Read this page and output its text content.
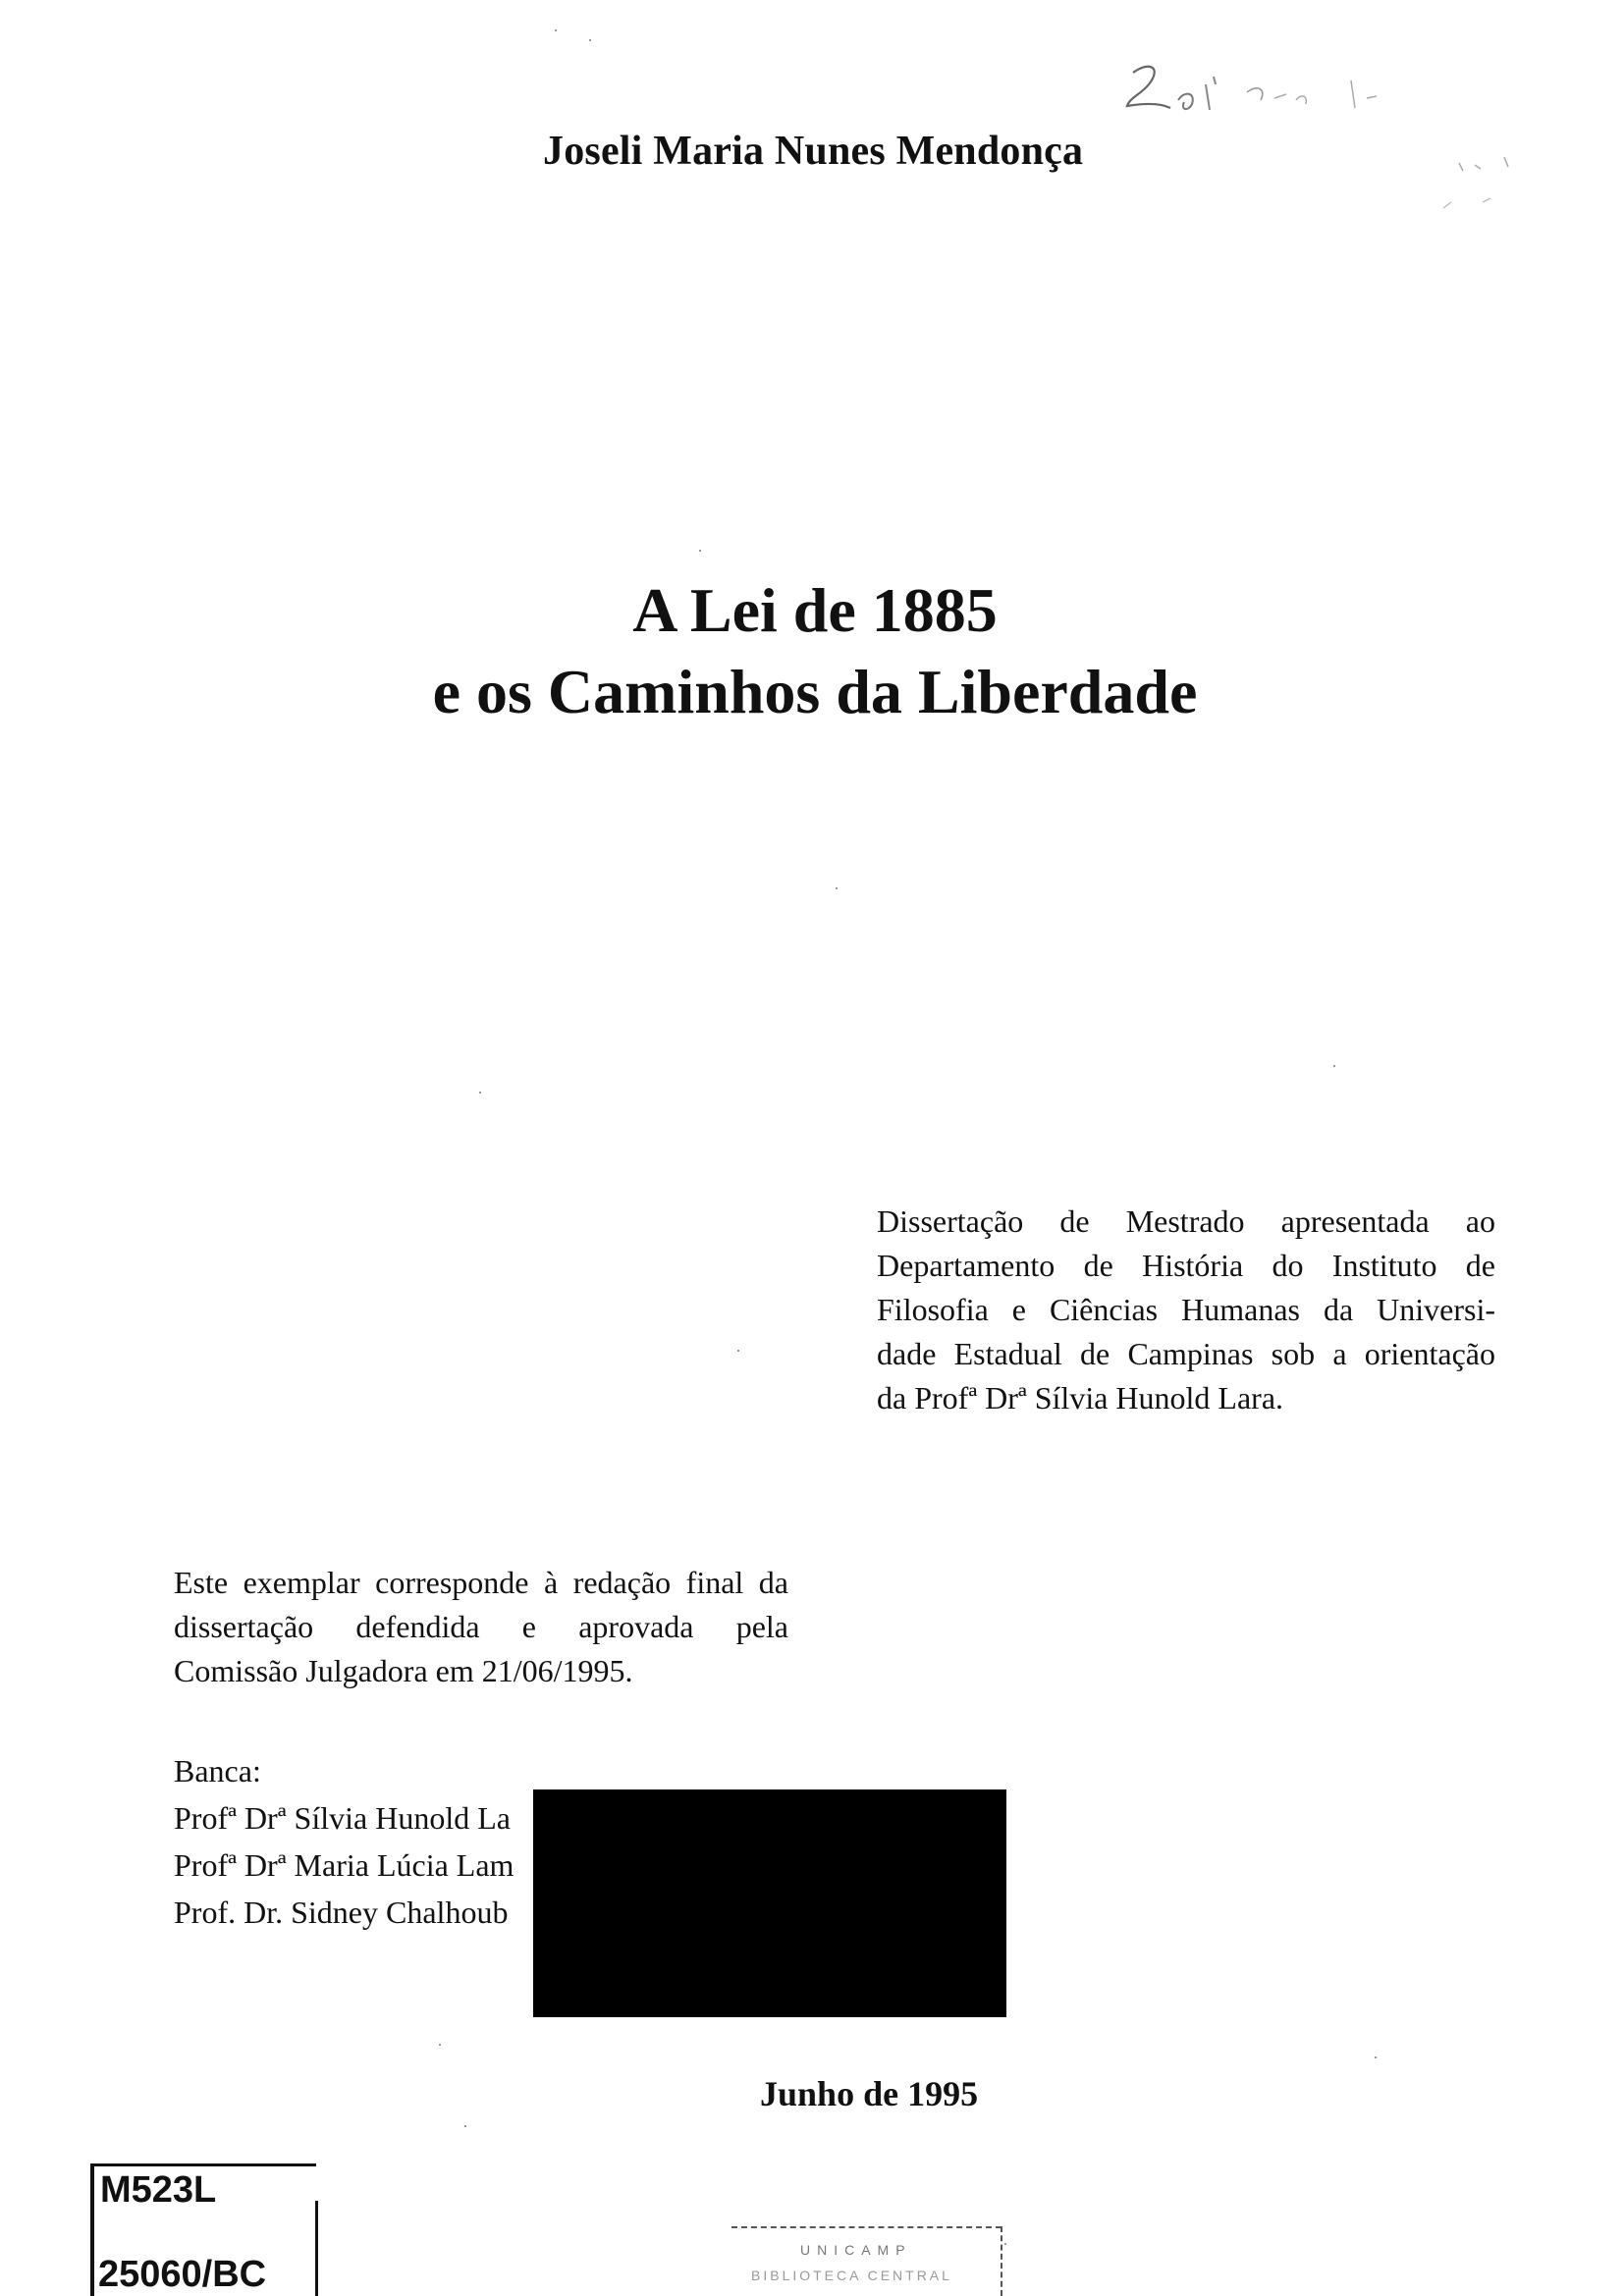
Joseli Maria Nunes Mendonça
A Lei de 1885
e os Caminhos da Liberdade
Dissertação de Mestrado apresentada ao
Departamento de História do Instituto de
Filosofia e Ciências Humanas da Universi-
dade Estadual de Campinas sob a orientação
da Profª Drª Sílvia Hunold Lara.
Este exemplar corresponde à redação final da
dissertação defendida e aprovada pela
Comissão Julgadora em 21/06/1995.
Banca:
Profª Drª Sílvia Hunold La
Profª Drª Maria Lúcia Lam
Prof. Dr. Sidney Chalhoub
Junho de 1995
M523L
25060/BC
UNICAMP
BIBLIOTECA CENTRAL
